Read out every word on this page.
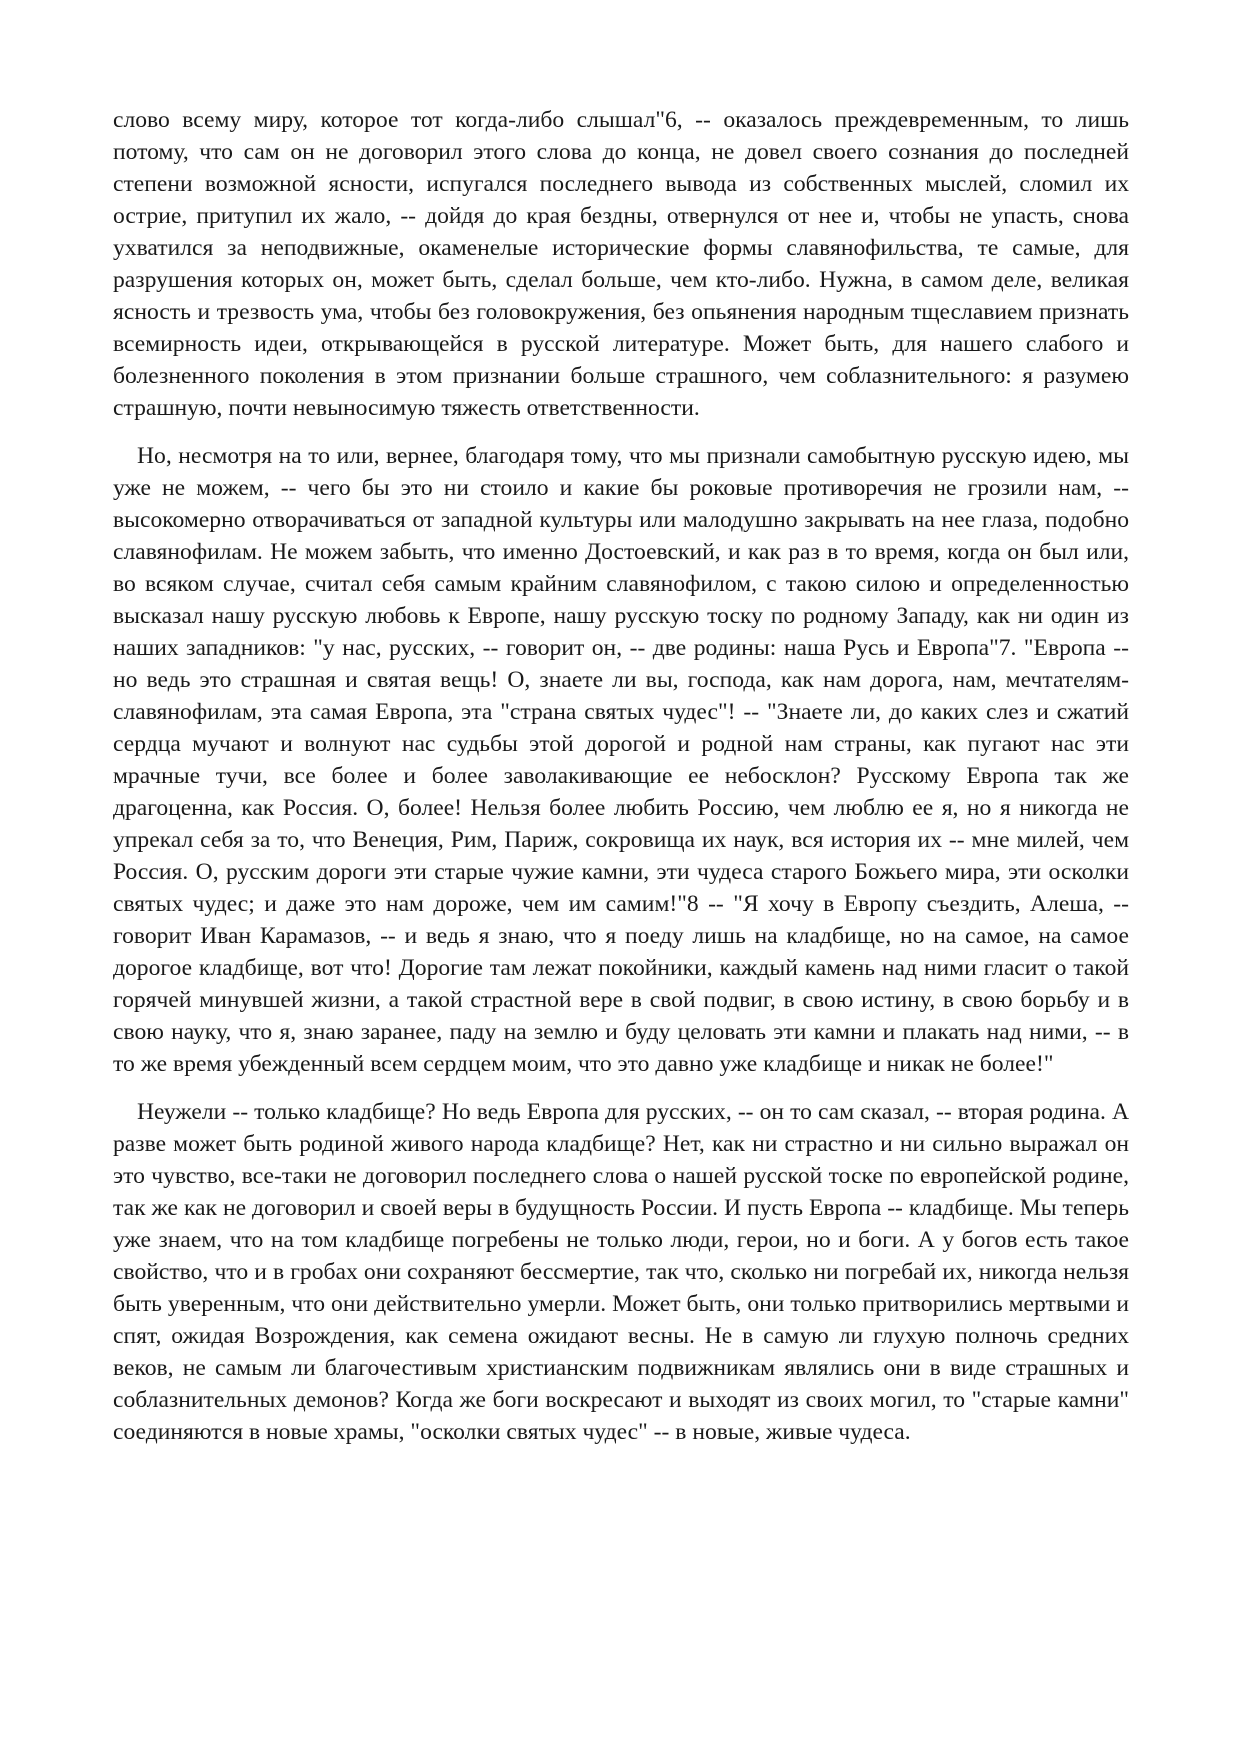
слово всему миру, которое тот когда-либо слышал"6, -- оказалось преждевременным, то лишь потому, что сам он не договорил этого слова до конца, не довел своего сознания до последней степени возможной ясности, испугался последнего вывода из собственных мыслей, сломил их острие, притупил их жало, -- дойдя до края бездны, отвернулся от нее и, чтобы не упасть, снова ухватился за неподвижные, окаменелые исторические формы славянофильства, те самые, для разрушения которых он, может быть, сделал больше, чем кто-либо. Нужна, в самом деле, великая ясность и трезвость ума, чтобы без головокружения, без опьянения народным тщеславием признать всемирность идеи, открывающейся в русской литературе. Может быть, для нашего слабого и болезненного поколения в этом признании больше страшного, чем соблазнительного: я разумею страшную, почти невыносимую тяжесть ответственности.

Но, несмотря на то или, вернее, благодаря тому, что мы признали самобытную русскую идею, мы уже не можем, -- чего бы это ни стоило и какие бы роковые противоречия не грозили нам, -- высокомерно отворачиваться от западной культуры или малодушно закрывать на нее глаза, подобно славянофилам. Не можем забыть, что именно Достоевский, и как раз в то время, когда он был или, во всяком случае, считал себя самым крайним славянофилом, с такою силою и определенностью высказал нашу русскую любовь к Европе, нашу русскую тоску по родному Западу, как ни один из наших западников: "у нас, русских, -- говорит он, -- две родины: наша Русь и Европа"7. "Европа -- но ведь это страшная и святая вещь! О, знаете ли вы, господа, как нам дорога, нам, мечтателям-славянофилам, эта самая Европа, эта "страна святых чудес"! -- "Знаете ли, до каких слез и сжатий сердца мучают и волнуют нас судьбы этой дорогой и родной нам страны, как пугают нас эти мрачные тучи, все более и более заволакивающие ее небосклон? Русскому Европа так же драгоценна, как Россия. О, более! Нельзя более любить Россию, чем люблю ее я, но я никогда не упрекал себя за то, что Венеция, Рим, Париж, сокровища их наук, вся история их -- мне милей, чем Россия. О, русским дороги эти старые чужие камни, эти чудеса старого Божьего мира, эти осколки святых чудес; и даже это нам дороже, чем им самим!"8 -- "Я хочу в Европу съездить, Алеша, -- говорит Иван Карамазов, -- и ведь я знаю, что я поеду лишь на кладбище, но на самое, на самое дорогое кладбище, вот что! Дорогие там лежат покойники, каждый камень над ними гласит о такой горячей минувшей жизни, а такой страстной вере в свой подвиг, в свою истину, в свою борьбу и в свою науку, что я, знаю заранее, паду на землю и буду целовать эти камни и плакать над ними, -- в то же время убежденный всем сердцем моим, что это давно уже кладбище и никак не более!"

Неужели -- только кладбище? Но ведь Европа для русских, -- он то сам сказал, -- вторая родина. А разве может быть родиной живого народа кладбище? Нет, как ни страстно и ни сильно выражал он это чувство, все-таки не договорил последнего слова о нашей русской тоске по европейской родине, так же как не договорил и своей веры в будущность России. И пусть Европа -- кладбище. Мы теперь уже знаем, что на том кладбище погребены не только люди, герои, но и боги. А у богов есть такое свойство, что и в гробах они сохраняют бессмертие, так что, сколько ни погребай их, никогда нельзя быть уверенным, что они действительно умерли. Может быть, они только притворились мертвыми и спят, ожидая Возрождения, как семена ожидают весны. Не в самую ли глухую полночь средних веков, не самым ли благочестивым христианским подвижникам являлись они в виде страшных и соблазнительных демонов? Когда же боги воскресают и выходят из своих могил, то "старые камни" соединяются в новые храмы, "осколки святых чудес" -- в новые, живые чудеса.
